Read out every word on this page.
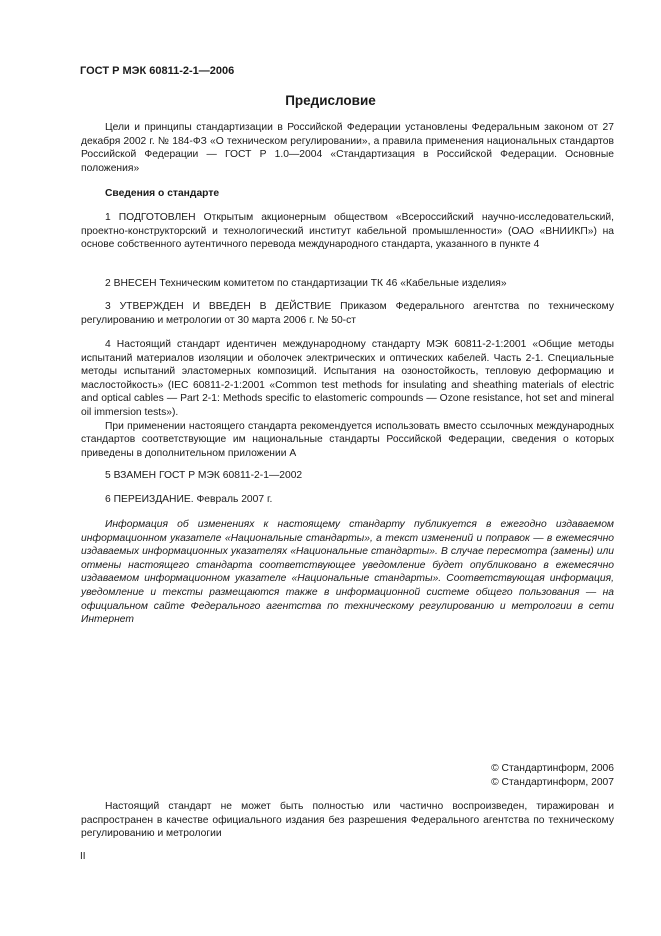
ГОСТ Р МЭК 60811-2-1—2006
Предисловие

Цели и принципы стандартизации в Российской Федерации установлены Федеральным законом от 27 декабря 2002 г. № 184-ФЗ «О техническом регулировании», а правила применения национальных стандартов Российской Федерации — ГОСТ Р 1.0—2004 «Стандартизация в Российской Федерации. Основные положения»

Сведения о стандарте

1 ПОДГОТОВЛЕН Открытым акционерным обществом «Всероссийский научно-исследовательский, проектно-конструкторский и технологический институт кабельной промышленности» (ОАО «ВНИИКП») на основе собственного аутентичного перевода международного стандарта, указанного в пункте 4

2 ВНЕСЕН Техническим комитетом по стандартизации ТК 46 «Кабельные изделия»

3 УТВЕРЖДЕН И ВВЕДЕН В ДЕЙСТВИЕ Приказом Федерального агентства по техническому регулированию и метрологии от 30 марта 2006 г. № 50-ст

4 Настоящий стандарт идентичен международному стандарту МЭК 60811-2-1:2001 «Общие методы испытаний материалов изоляции и оболочек электрических и оптических кабелей. Часть 2-1. Специальные методы испытаний эластомерных композиций. Испытания на озоностойкость, тепловую деформацию и маслостойкость» (IEC 60811-2-1:2001 «Common test methods for insulating and sheathing materials of electric and optical cables — Part 2-1: Methods specific to elastomeric compounds — Ozone resistance, hot set and mineral oil immersion tests»).

При применении настоящего стандарта рекомендуется использовать вместо ссылочных международных стандартов соответствующие им национальные стандарты Российской Федерации, сведения о которых приведены в дополнительном приложении А

5 ВЗАМЕН ГОСТ Р МЭК 60811-2-1—2002

6 ПЕРЕИЗДАНИЕ. Февраль 2007 г.

Информация об изменениях к настоящему стандарту публикуется в ежегодно издаваемом информационном указателе «Национальные стандарты», а текст изменений и поправок — в ежемесячно издаваемых информационных указателях «Национальные стандарты». В случае пересмотра (замены) или отмены настоящего стандарта соответствующее уведомление будет опубликовано в ежемесячно издаваемом информационном указателе «Национальные стандарты». Соответствующая информация, уведомление и тексты размещаются также в информационной системе общего пользования — на официальном сайте Федерального агентства по техническому регулированию и метрологии в сети Интернет

© Стандартинформ, 2006
© Стандартинформ, 2007

Настоящий стандарт не может быть полностью или частично воспроизведен, тиражирован и распространен в качестве официального издания без разрешения Федерального агентства по техническому регулированию и метрологии

II
